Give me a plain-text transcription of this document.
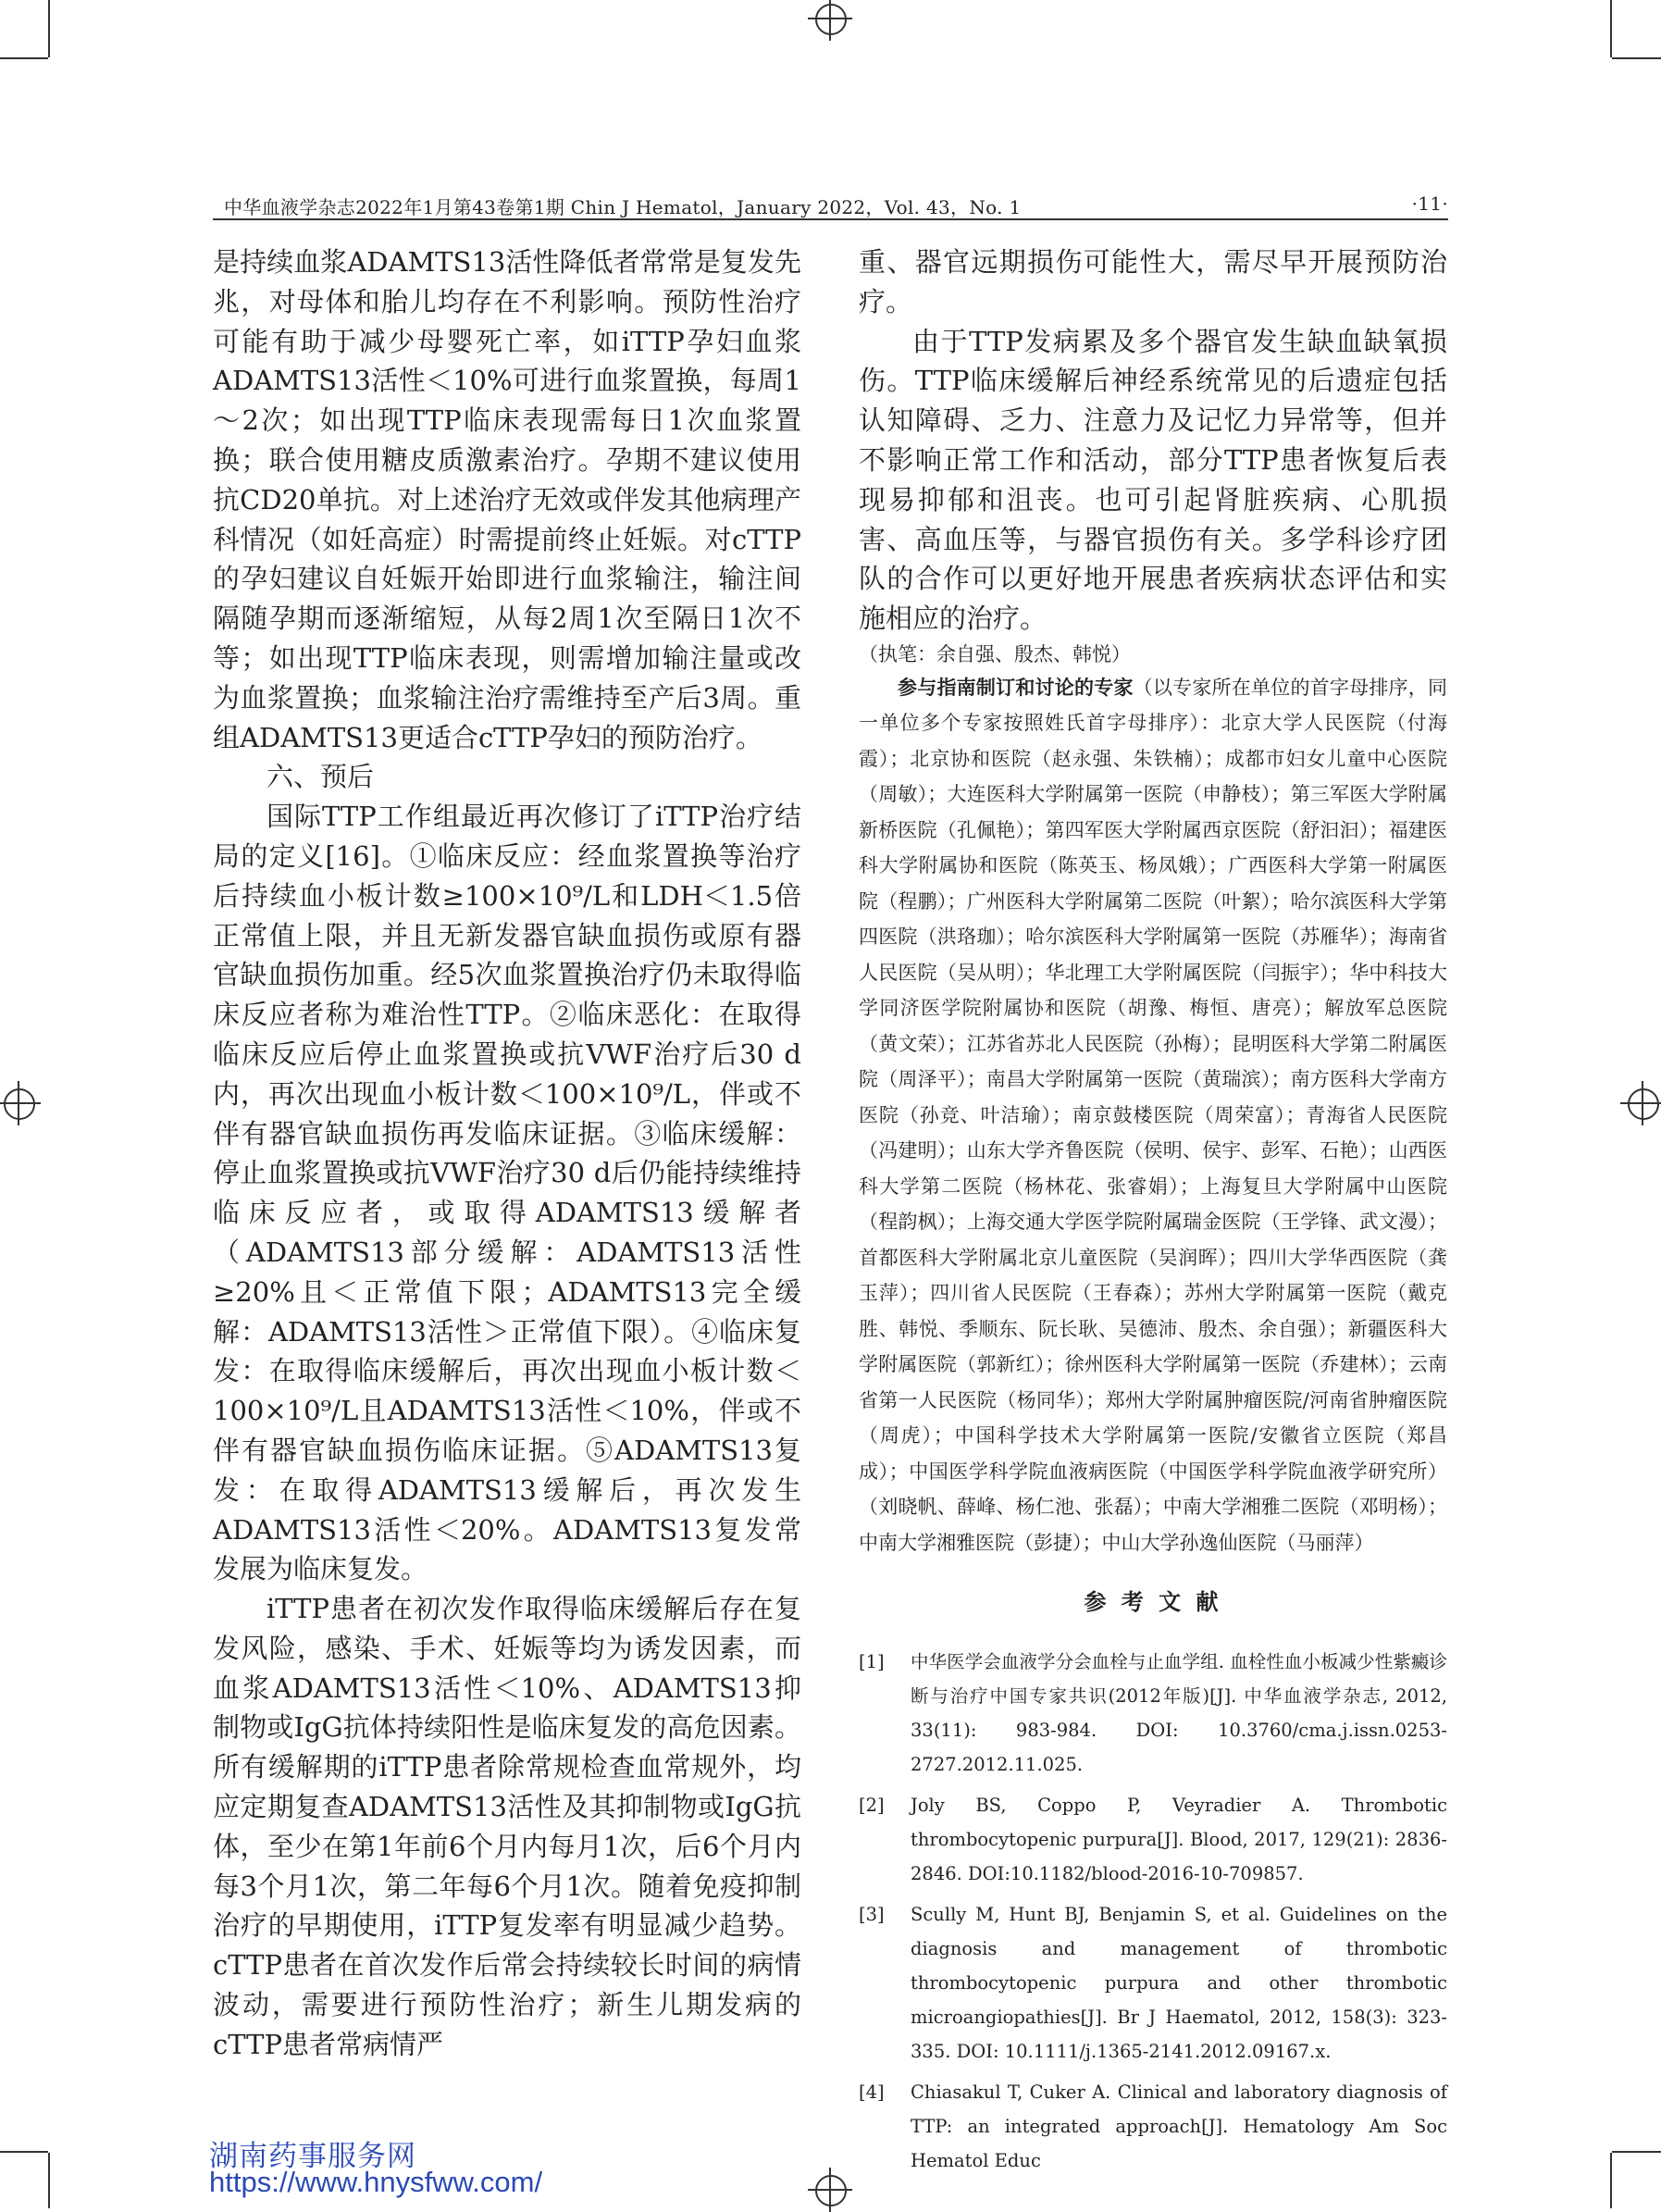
中华血液学杂志2022年1月第43卷第1期 Chin J Hematol，January 2022，Vol. 43，No. 1	·11·

是持续血浆ADAMTS13活性降低者常常是复发先兆，对母体和胎儿均存在不利影响。预防性治疗可能有助于减少母婴死亡率，如iTTP孕妇血浆ADAMTS13活性＜10%可进行血浆置换，每周1～2次；如出现TTP临床表现需每日1次血浆置换；联合使用糖皮质激素治疗。孕期不建议使用抗CD20单抗。对上述治疗无效或伴发其他病理产科情况（如妊高症）时需提前终止妊娠。对cTTP的孕妇建议自妊娠开始即进行血浆输注，输注间隔随孕期而逐渐缩短，从每2周1次至隔日1次不等；如出现TTP临床表现，则需增加输注量或改为血浆置换；血浆输注治疗需维持至产后3周。重组ADAMTS13更适合cTTP孕妇的预防治疗。

六、预后

国际TTP工作组最近再次修订了iTTP治疗结局的定义[16]。①临床反应：经血浆置换等治疗后持续血小板计数≥100×10⁹/L和LDH＜1.5倍正常值上限，并且无新发器官缺血损伤或原有器官缺血损伤加重。经5次血浆置换治疗仍未取得临床反应者称为难治性TTP。②临床恶化：在取得临床反应后停止血浆置换或抗VWF治疗后30 d内，再次出现血小板计数＜100×10⁹/L，伴或不伴有器官缺血损伤再发临床证据。③临床缓解：停止血浆置换或抗VWF治疗30 d后仍能持续维持临床反应者，或取得ADAMTS13缓解者（ADAMTS13部分缓解：ADAMTS13活性≥20%且＜正常值下限；ADAMTS13完全缓解：ADAMTS13活性＞正常值下限）。④临床复发：在取得临床缓解后，再次出现血小板计数＜100×10⁹/L且ADAMTS13活性＜10%，伴或不伴有器官缺血损伤临床证据。⑤ADAMTS13复发：在取得ADAMTS13缓解后，再次发生ADAMTS13活性＜20%。ADAMTS13复发常发展为临床复发。

iTTP患者在初次发作取得临床缓解后存在复发风险，感染、手术、妊娠等均为诱发因素，而血浆ADAMTS13活性＜10%、ADAMTS13抑制物或IgG抗体持续阳性是临床复发的高危因素。所有缓解期的iTTP患者除常规检查血常规外，均应定期复查ADAMTS13活性及其抑制物或IgG抗体，至少在第1年前6个月内每月1次，后6个月内每3个月1次，第二年每6个月1次。随着免疫抑制治疗的早期使用，iTTP复发率有明显减少趋势。cTTP患者在首次发作后常会持续较长时间的病情波动，需要进行预防性治疗；新生儿期发病的cTTP患者常病情严

重、器官远期损伤可能性大，需尽早开展预防治疗。

由于TTP发病累及多个器官发生缺血缺氧损伤。TTP临床缓解后神经系统常见的后遗症包括认知障碍、乏力、注意力及记忆力异常等，但并不影响正常工作和活动，部分TTP患者恢复后表现易抑郁和沮丧。也可引起肾脏疾病、心肌损害、高血压等，与器官损伤有关。多学科诊疗团队的合作可以更好地开展患者疾病状态评估和实施相应的治疗。

（执笔：余自强、殷杰、韩悦）

参与指南制订和讨论的专家（以专家所在单位的首字母排序，同一单位多个专家按照姓氏首字母排序）：北京大学人民医院（付海霞）；北京协和医院（赵永强、朱铁楠）；成都市妇女儿童中心医院（周敏）；大连医科大学附属第一医院（申静枝）；第三军医大学附属新桥医院（孔佩艳）；第四军医大学附属西京医院（舒汩汩）；福建医科大学附属协和医院（陈英玉、杨凤娥）；广西医科大学第一附属医院（程鹏）；广州医科大学附属第二医院（叶絮）；哈尔滨医科大学第四医院（洪珞珈）；哈尔滨医科大学附属第一医院（苏雁华）；海南省人民医院（吴从明）；华北理工大学附属医院（闫振宇）；华中科技大学同济医学院附属协和医院（胡豫、梅恒、唐亮）；解放军总医院（黄文荣）；江苏省苏北人民医院（孙梅）；昆明医科大学第二附属医院（周泽平）；南昌大学附属第一医院（黄瑞滨）；南方医科大学南方医院（孙竞、叶洁瑜）；南京鼓楼医院（周荣富）；青海省人民医院（冯建明）；山东大学齐鲁医院（侯明、侯宇、彭军、石艳）；山西医科大学第二医院（杨林花、张睿娟）；上海复旦大学附属中山医院（程韵枫）；上海交通大学医学院附属瑞金医院（王学锋、武文漫）；首都医科大学附属北京儿童医院（吴润晖）；四川大学华西医院（龚玉萍）；四川省人民医院（王春森）；苏州大学附属第一医院（戴克胜、韩悦、季顺东、阮长耿、吴德沛、殷杰、余自强）；新疆医科大学附属医院（郭新红）；徐州医科大学附属第一医院（乔建林）；云南省第一人民医院（杨同华）；郑州大学附属肿瘤医院/河南省肿瘤医院（周虎）；中国科学技术大学附属第一医院/安徽省立医院（郑昌成）；中国医学科学院血液病医院（中国医学科学院血液学研究所）（刘晓帆、薛峰、杨仁池、张磊）；中南大学湘雅二医院（邓明杨）；中南大学湘雅医院（彭捷）；中山大学孙逸仙医院（马丽萍）

参 考 文 献
[1] 中华医学会血液学分会血栓与止血学组. 血栓性血小板减少性紫癜诊断与治疗中国专家共识(2012年版)[J]. 中华血液学杂志, 2012, 33(11): 983-984. DOI: 10.3760/cma.j.issn.0253-2727.2012.11.025.
[2] Joly BS, Coppo P, Veyradier A. Thrombotic thrombocytopenic purpura[J]. Blood, 2017, 129(21): 2836-2846. DOI:10.1182/blood-2016-10-709857.
[3] Scully M, Hunt BJ, Benjamin S, et al. Guidelines on the diagnosis and management of thrombotic thrombocytopenic purpura and other thrombotic microangiopathies[J]. Br J Haematol, 2012, 158(3): 323-335. DOI: 10.1111/j.1365-2141.2012.09167.x.
[4] Chiasakul T, Cuker A. Clinical and laboratory diagnosis of TTP: an integrated approach[J]. Hematology Am Soc Hematol Educ
湖南药事服务网
https://www.hnysfww.com/
